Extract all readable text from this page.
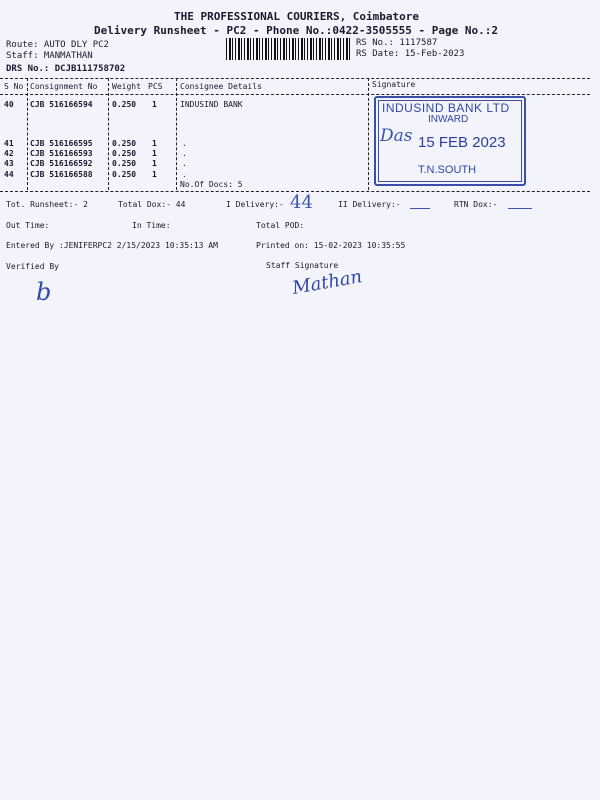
THE PROFESSIONAL COURIERS, Coimbatore
Delivery Runsheet - PC2 - Phone No.:0422-3505555 - Page No.:2
Route: AUTO DLY PC2
Staff: MANMATHAN
DRS No.: DCJB111758702
RS No.: 1117587
RS Date: 15-Feb-2023
S No Consignment No Weight PCS Consignee Details	Signature
40 CJB 516166594 0.250 1	INDUSIND BANK
41 CJB 516166595 0.250 1	.
42 CJB 516166593 0.250 1	.
43 CJB 516166592 0.250 1	.
44 CJB 516166588 0.250 1	.
No.Of Docs: 5
INDUSIND BANK LTD
INWARD
Das 15 FEB 2023
T.N.SOUTH
Tot. Runsheet:- 2	Total Dox:- 44	I Delivery:- 44	II Delivery:-	RTN Dox:-
Out Time:	In Time:	Total POD:
Entered By :JENIFERPC2 2/15/2023 10:35:13 AM	Printed on: 15-02-2023 10:35:55
Verified By	Staff Signature
b	Mathan
